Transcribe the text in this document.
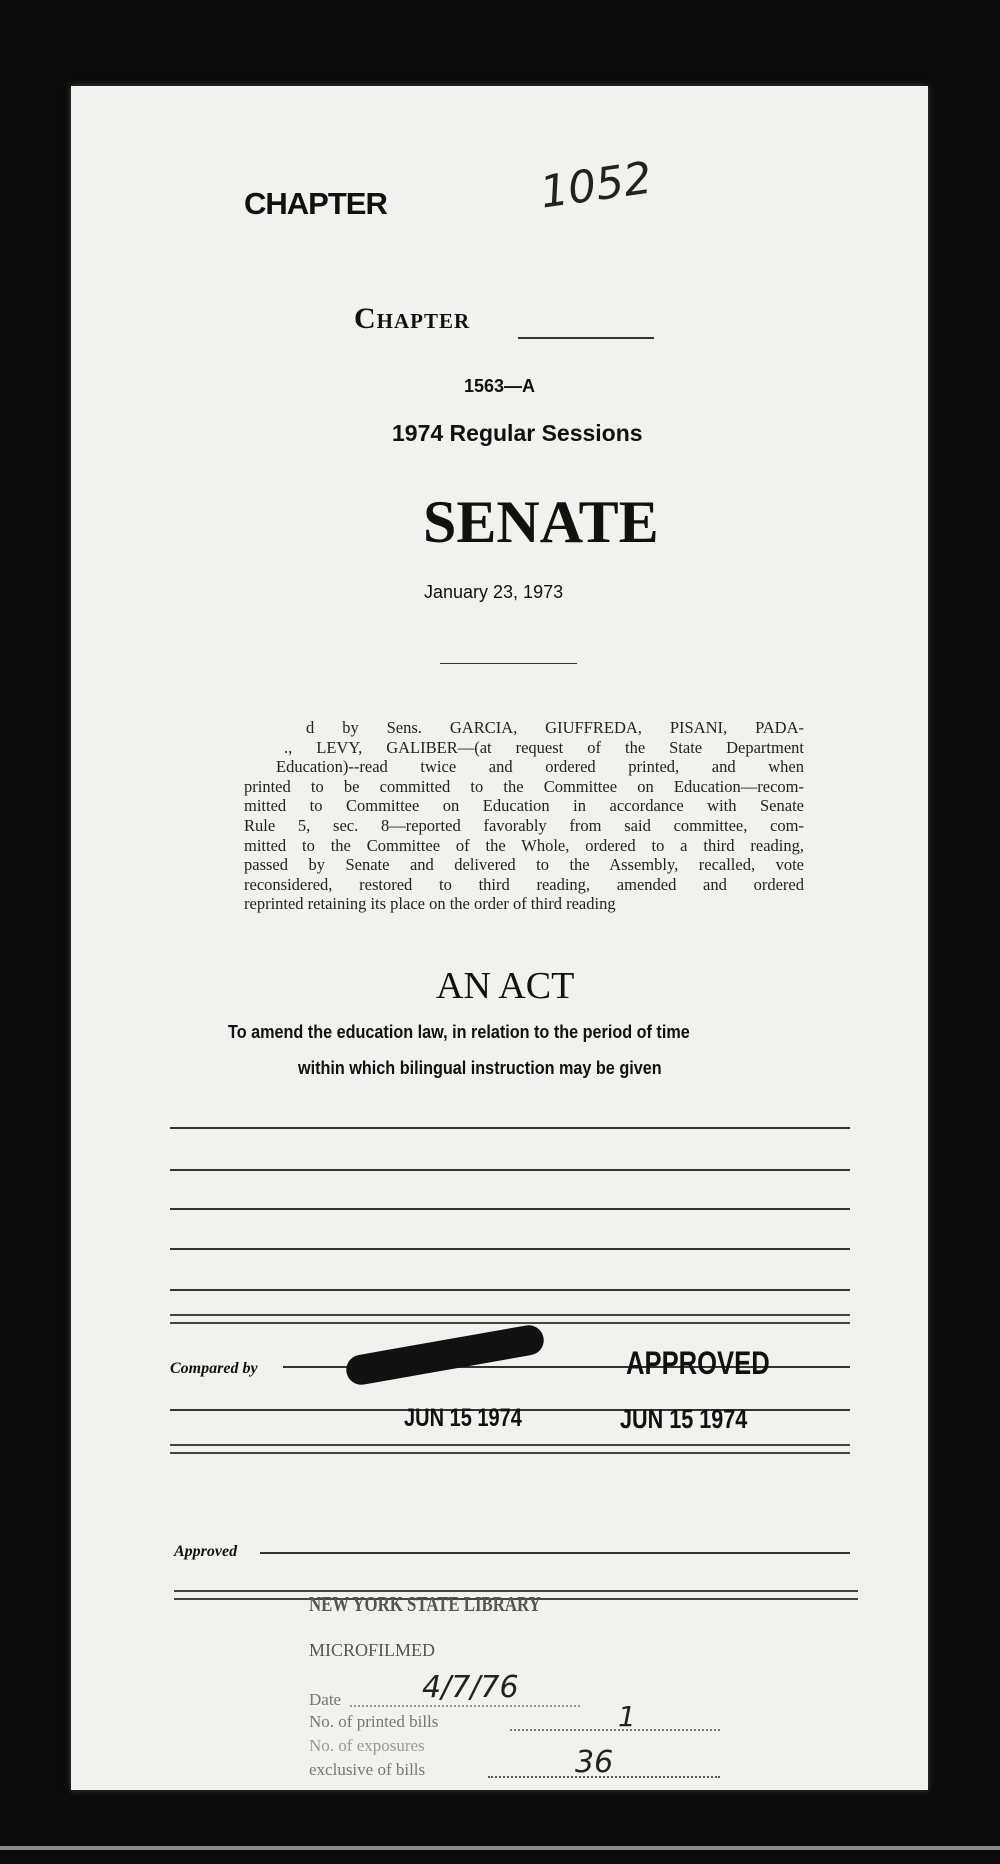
CHAPTER	1052
Chapter
1563—A
1974 Regular Sessions
SENATE
January 23, 1973
d by Sens. GARCIA, GIUFFREDA, PISANI, PADA-
., LEVY, GALIBER—(at request of the State Department
Education)--read twice and ordered printed, and when
printed to be committed to the Committee on Education—recom-
mitted to Committee on Education in accordance with Senate
Rule 5, sec. 8—reported favorably from said committee, com-
mitted to the Committee of the Whole, ordered to a third reading,
passed by Senate and delivered to the Assembly, recalled, vote
reconsidered, restored to third reading, amended and ordered
reprinted retaining its place on the order of third reading
AN ACT
To amend the education law, in relation to the period of time
within which bilingual instruction may be given
Compared by	APPROVED
JUN 15 1974	JUN 15 1974
Approved
NEW YORK STATE LIBRARY
MICROFILMED
Date	4/7/76
No. of printed bills	1
No. of exposures
exclusive of bills	36
